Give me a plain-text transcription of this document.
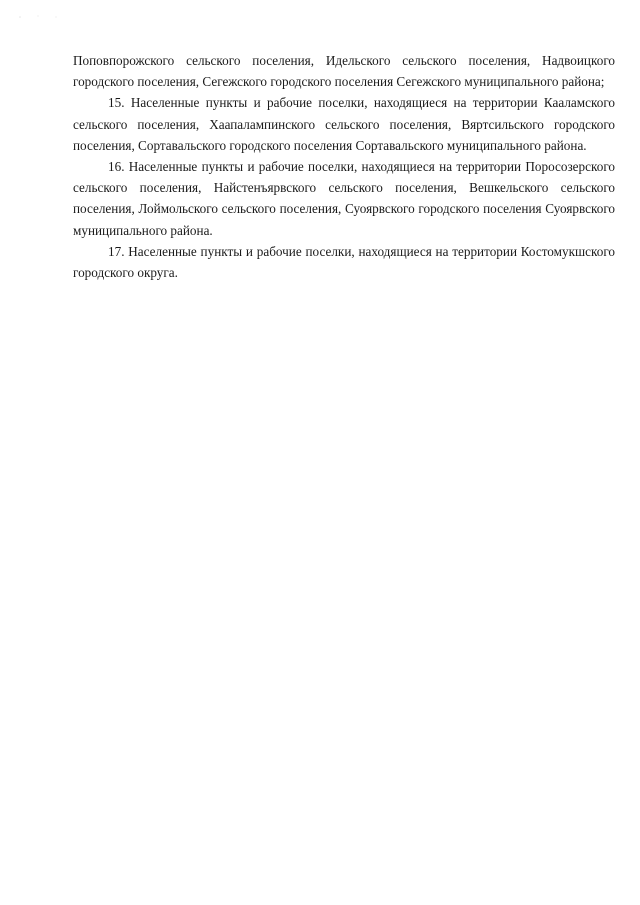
Поповпорожского сельского поселения, Идельского сельского поселения, Надвоицкого городского поселения, Сегежского городского поселения Сегежского муниципального района;

15. Населенные пункты и рабочие поселки, находящиеся на территории Кааламского сельского поселения, Хаапалампинского сельского поселения, Вяртсильского городского поселения, Сортавальского городского поселения Сортавальского муниципального района.

16. Населенные пункты и рабочие поселки, находящиеся на территории Поросозерского сельского поселения, Найстенъярвского сельского поселения, Вешкельского сельского поселения, Лоймольского сельского поселения, Суоярвского городского поселения Суоярвского муниципального района.

17. Населенные пункты и рабочие поселки, находящиеся на территории Костомукшского городского округа.
